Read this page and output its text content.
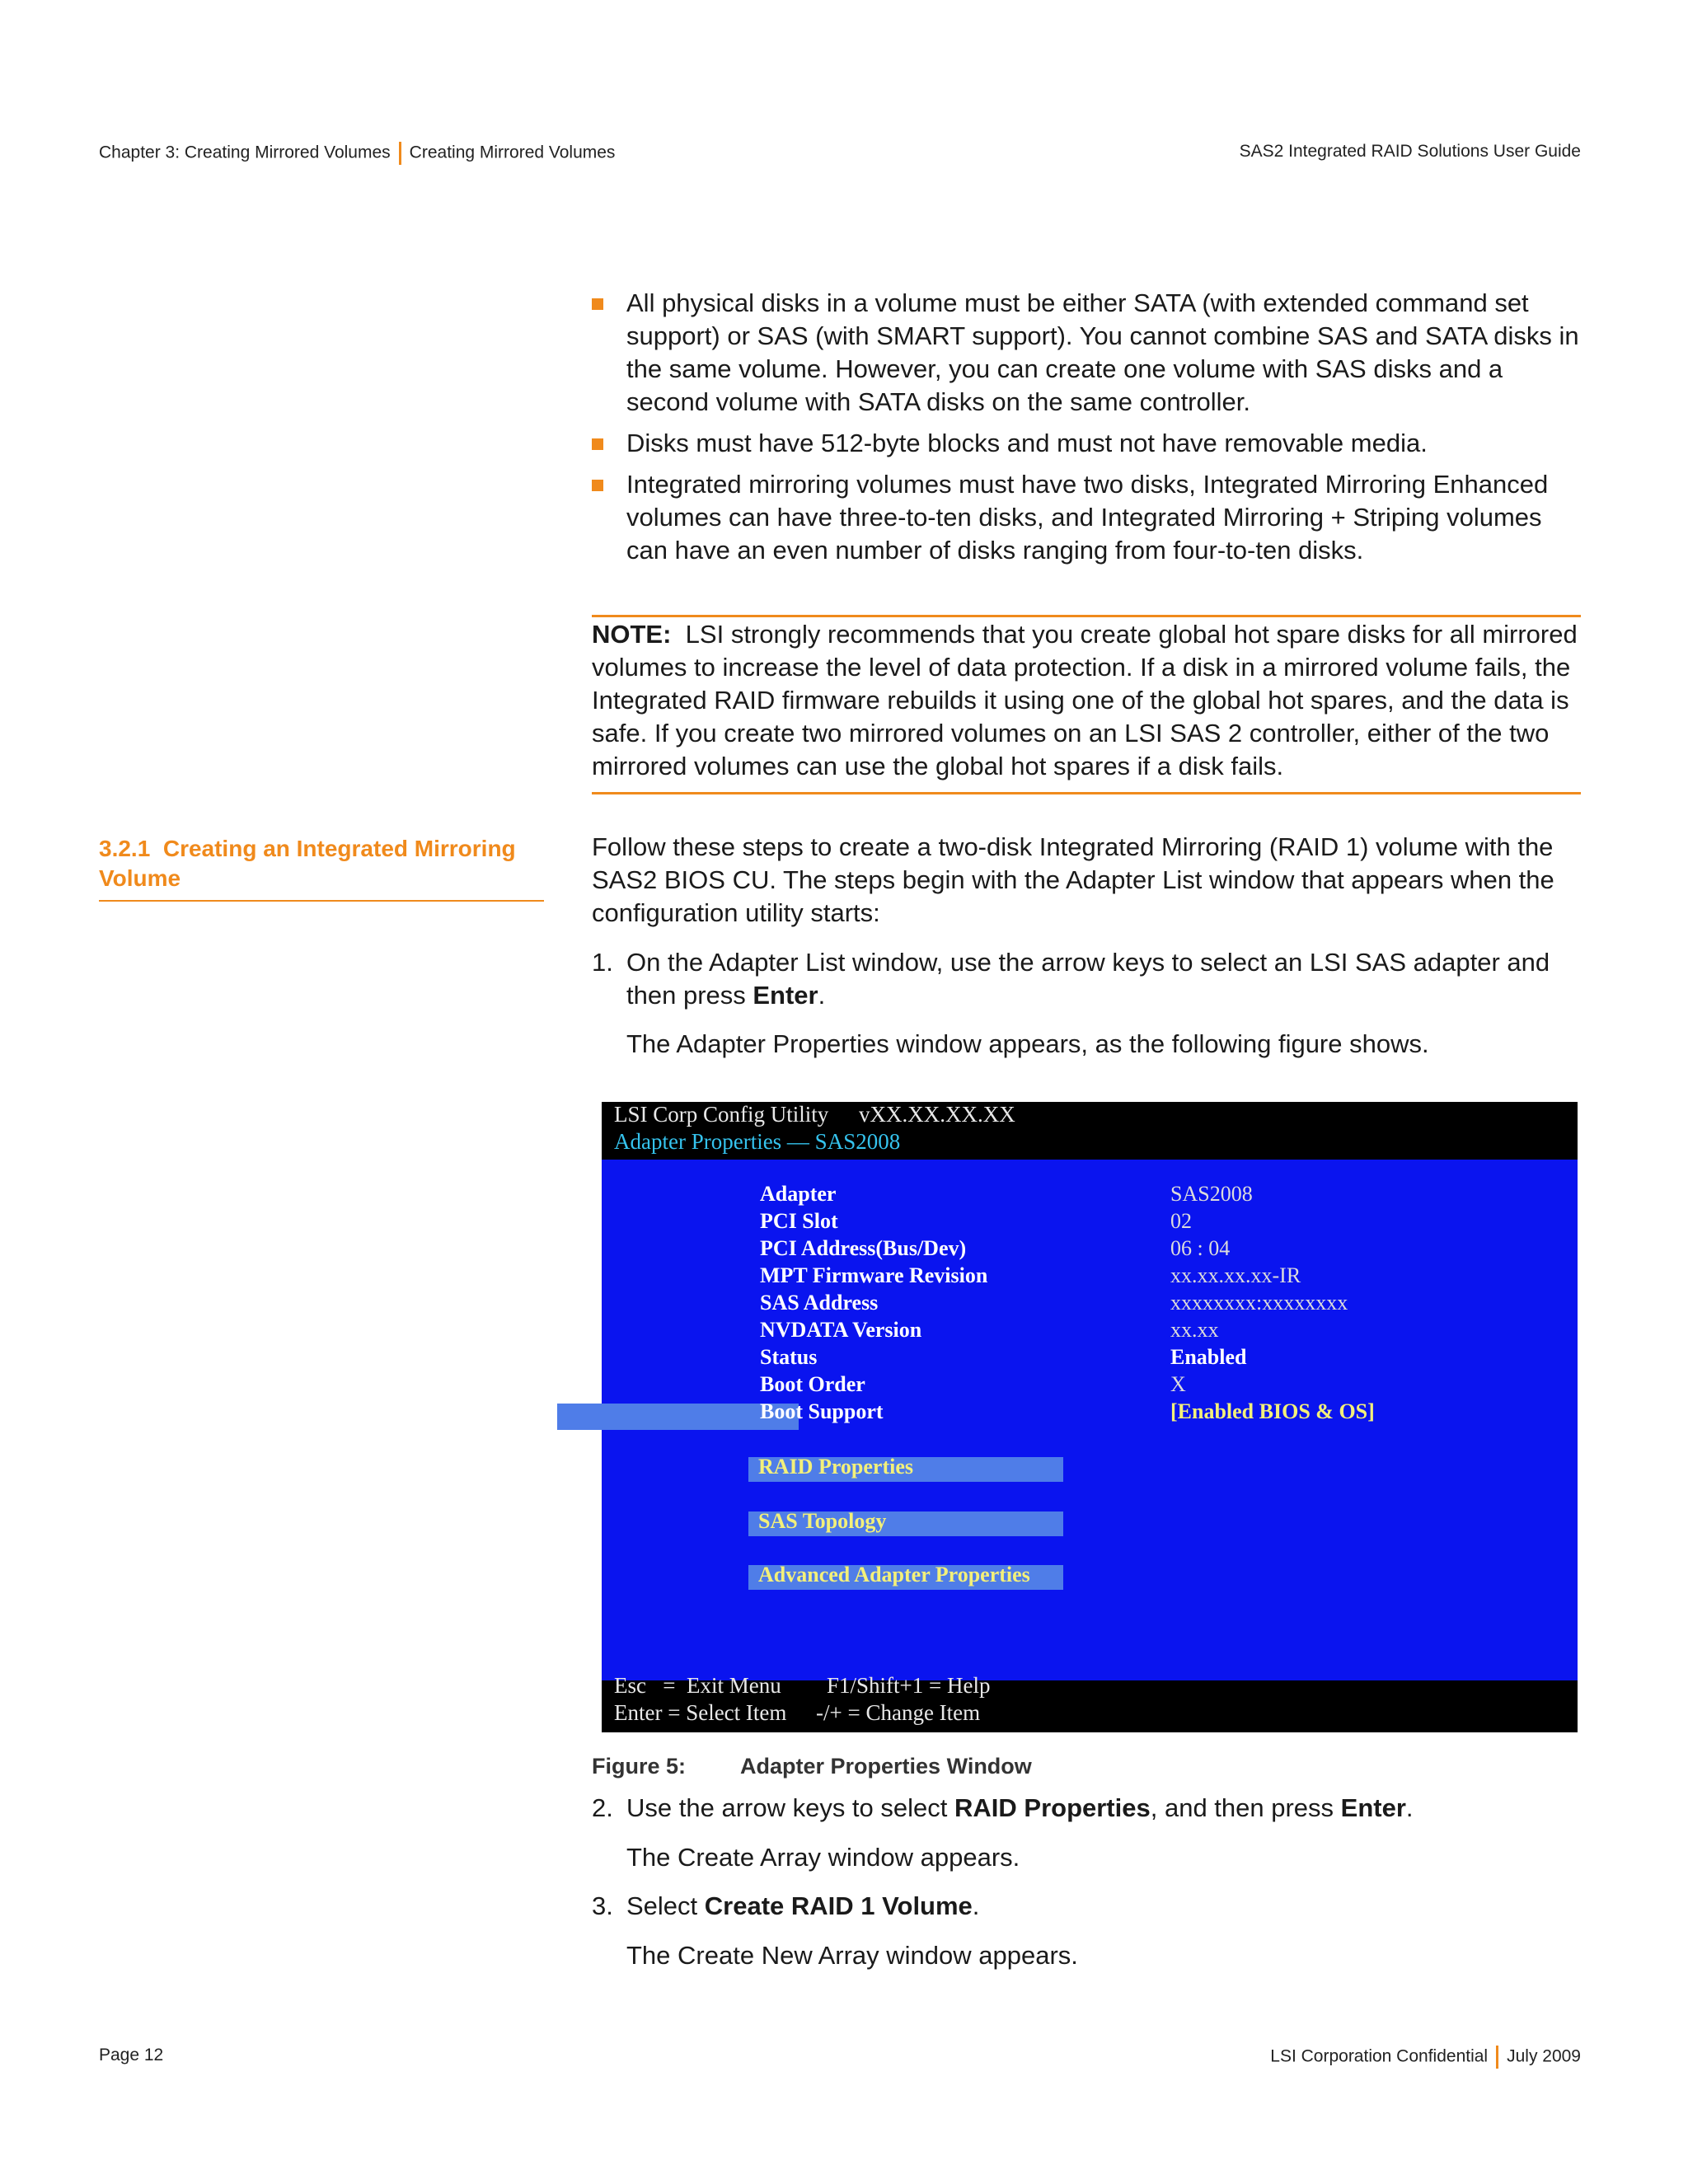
Chapter 3: Creating Mirrored Volumes Creating Mirrored Volumes	SAS2 Integrated RAID Solutions User Guide
All physical disks in a volume must be either SATA (with extended command set support) or SAS (with SMART support). You cannot combine SAS and SATA disks in the same volume. However, you can create one volume with SAS disks and a second volume with SATA disks on the same controller.
Disks must have 512-byte blocks and must not have removable media.
Integrated mirroring volumes must have two disks, Integrated Mirroring Enhanced volumes can have three-to-ten disks, and Integrated Mirroring + Striping volumes can have an even number of disks ranging from four-to-ten disks.
NOTE: LSI strongly recommends that you create global hot spare disks for all mirrored volumes to increase the level of data protection. If a disk in a mirrored volume fails, the Integrated RAID firmware rebuilds it using one of the global hot spares, and the data is safe. If you create two mirrored volumes on an LSI SAS 2 controller, either of the two mirrored volumes can use the global hot spares if a disk fails.
3.2.1 Creating an Integrated Mirroring Volume
Follow these steps to create a two-disk Integrated Mirroring (RAID 1) volume with the SAS2 BIOS CU. The steps begin with the Adapter List window that appears when the configuration utility starts:
1. On the Adapter List window, use the arrow keys to select an LSI SAS adapter and then press Enter.
The Adapter Properties window appears, as the following figure shows.
LSI Corp Config Utility vXX.XX.XX.XX
Adapter Properties — SAS2008
Adapter	SAS2008
PCI Slot	02
PCI Address(Bus/Dev)	06 : 04
MPT Firmware Revision	xx.xx.xx.xx-IR
SAS Address	xxxxxxxx:xxxxxxxx
NVDATA Version	xx.xx
Status	Enabled
Boot Order	X
Boot Support	[Enabled BIOS & OS]
RAID Properties
SAS Topology
Advanced Adapter Properties
Esc   =  Exit Menu F1/Shift+1 = Help
Enter = Select Item -/+ = Change Item
Figure 5: Adapter Properties Window
2. Use the arrow keys to select RAID Properties, and then press Enter.
The Create Array window appears.
3. Select Create RAID 1 Volume.
The Create New Array window appears.
Page 12	LSI Corporation Confidential July 2009
